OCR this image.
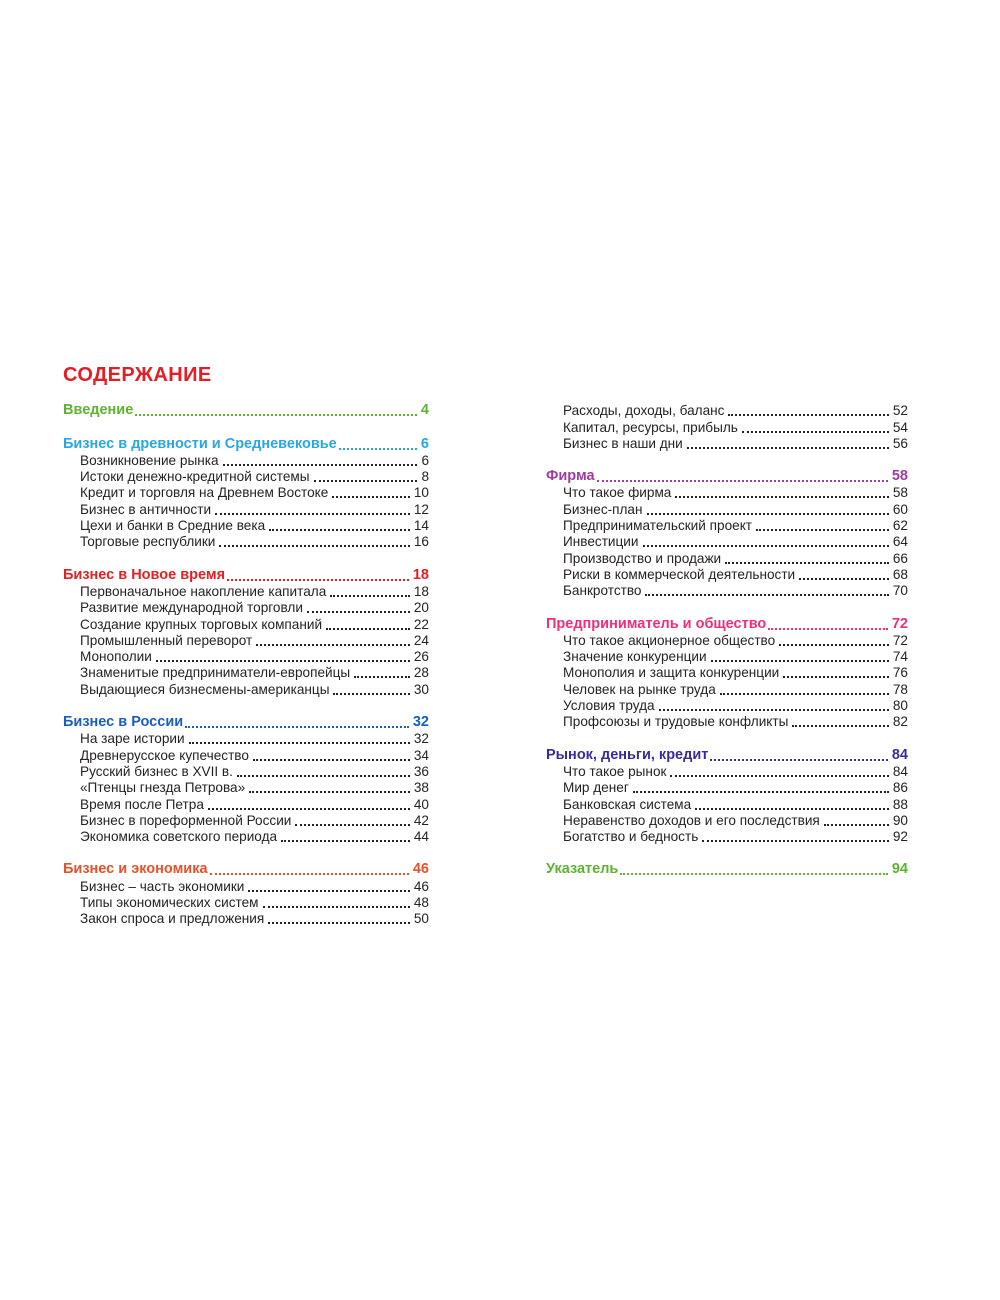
СОДЕРЖАНИЕ
Введение	4
Бизнес в древности и Средневековье	6
Возникновение рынка	6
Истоки денежно-кредитной системы	8
Кредит и торговля на Древнем Востоке	10
Бизнес в античности	12
Цехи и банки в Средние века	14
Торговые республики	16
Бизнес в Новое время	18
Первоначальное накопление капитала	18
Развитие международной торговли	20
Создание крупных торговых компаний	22
Промышленный переворот	24
Монополии	26
Знаменитые предприниматели-европейцы	28
Выдающиеся бизнесмены-американцы	30
Бизнес в России	32
На заре истории	32
Древнерусское купечество	34
Русский бизнес в XVII в.	36
«Птенцы гнезда Петрова»	38
Время после Петра	40
Бизнес в пореформенной России	42
Экономика советского периода	44
Бизнес и экономика	46
Бизнес – часть экономики	46
Типы экономических систем	48
Закон спроса и предложения	50
Расходы, доходы, баланс	52
Капитал, ресурсы, прибыль	54
Бизнес в наши дни	56
Фирма	58
Что такое фирма	58
Бизнес-план	60
Предпринимательский проект	62
Инвестиции	64
Производство и продажи	66
Риски в коммерческой деятельности	68
Банкротство	70
Предприниматель и общество	72
Что такое акционерное общество	72
Значение конкуренции	74
Монополия и защита конкуренции	76
Человек на рынке труда	78
Условия труда	80
Профсоюзы и трудовые конфликты	82
Рынок, деньги, кредит	84
Что такое рынок	84
Мир денег	86
Банковская система	88
Неравенство доходов и его последствия	90
Богатство и бедность	92
Указатель	94
